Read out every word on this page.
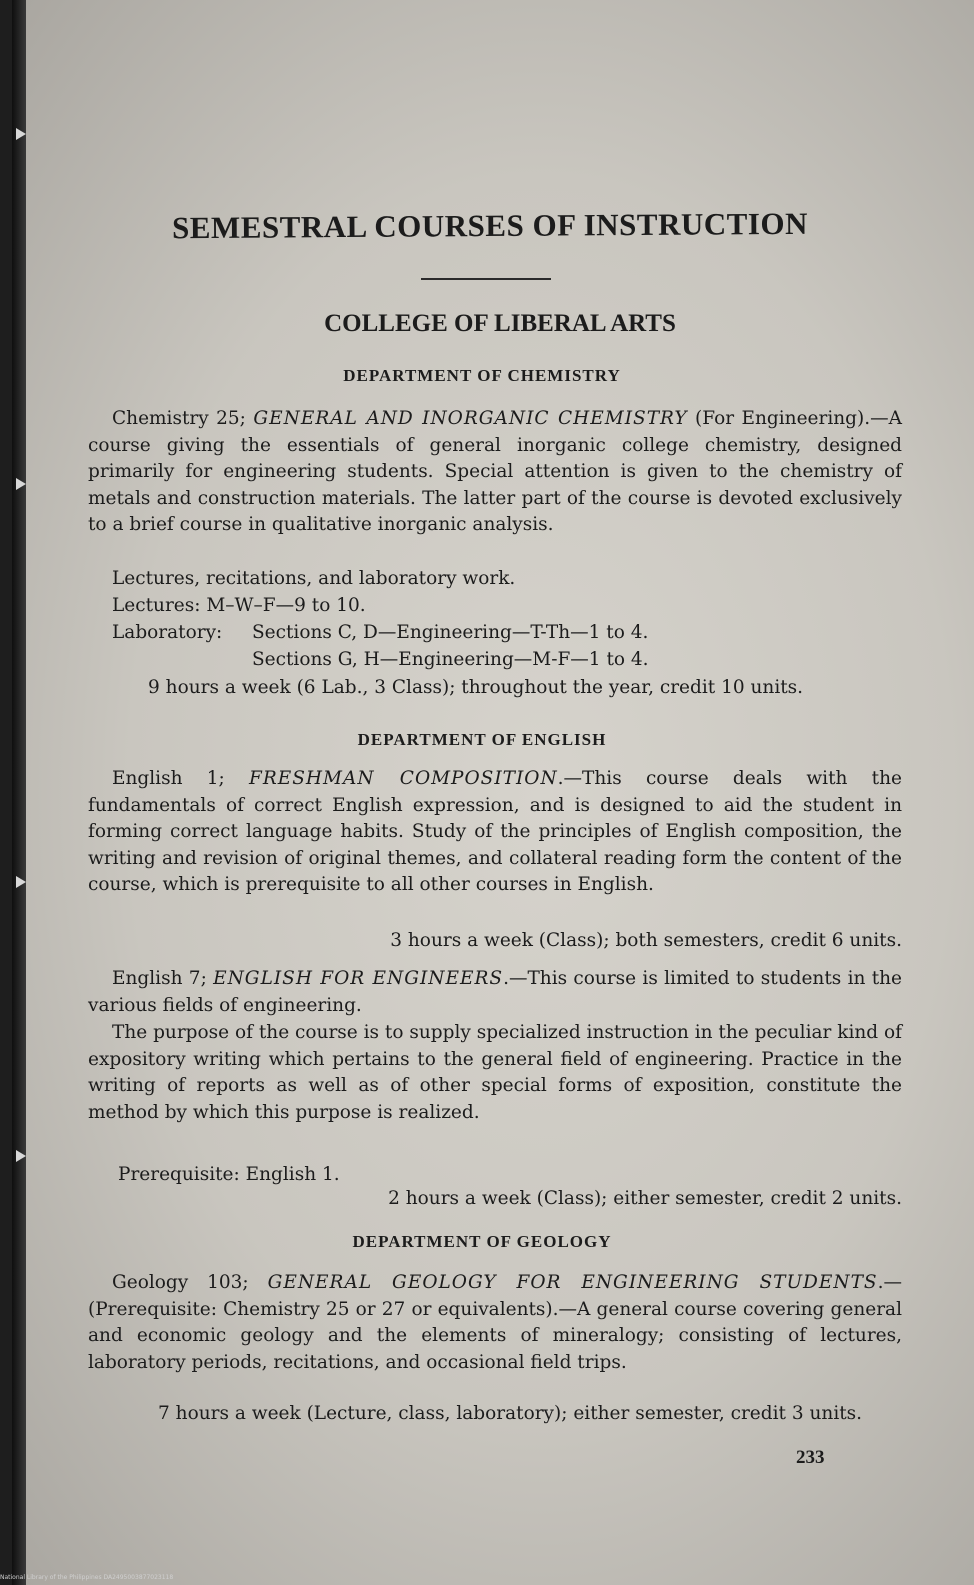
SEMESTRAL COURSES OF INSTRUCTION
COLLEGE OF LIBERAL ARTS
DEPARTMENT OF CHEMISTRY

Chemistry 25; GENERAL AND INORGANIC CHEMISTRY (For Engineering).—A course giving the essentials of general inorganic college chemistry, designed primarily for engineering students. Special attention is given to the chemistry of metals and construction materials. The latter part of the course is devoted exclusively to a brief course in qualitative inorganic analysis.

Lectures, recitations, and laboratory work.

Lectures: M–W–F—9 to 10.

Laboratory: Sections C, D—Engineering—T-Th—1 to 4.

Sections G, H—Engineering—M-F—1 to 4.

9 hours a week (6 Lab., 3 Class); throughout the year, credit 10 units.

DEPARTMENT OF ENGLISH

English 1; FRESHMAN COMPOSITION.—This course deals with the fundamentals of correct English expression, and is designed to aid the student in forming correct language habits. Study of the principles of English composition, the writing and revision of original themes, and collateral reading form the content of the course, which is prerequisite to all other courses in English.

3 hours a week (Class); both semesters, credit 6 units.

English 7; ENGLISH FOR ENGINEERS.—This course is limited to students in the various fields of engineering.

The purpose of the course is to supply specialized instruction in the peculiar kind of expository writing which pertains to the general field of engineering. Practice in the writing of reports as well as of other special forms of exposition, constitute the method by which this purpose is realized.

Prerequisite: English 1.

2 hours a week (Class); either semester, credit 2 units.

DEPARTMENT OF GEOLOGY

Geology 103; GENERAL GEOLOGY FOR ENGINEERING STUDENTS.—(Prerequisite: Chemistry 25 or 27 or equivalents).—A general course covering general and economic geology and the elements of mineralogy; consisting of lectures, laboratory periods, recitations, and occasional field trips.

7 hours a week (Lecture, class, laboratory); either semester, credit 3 units.

233

National Library of the Philippines DA2495003877023118
